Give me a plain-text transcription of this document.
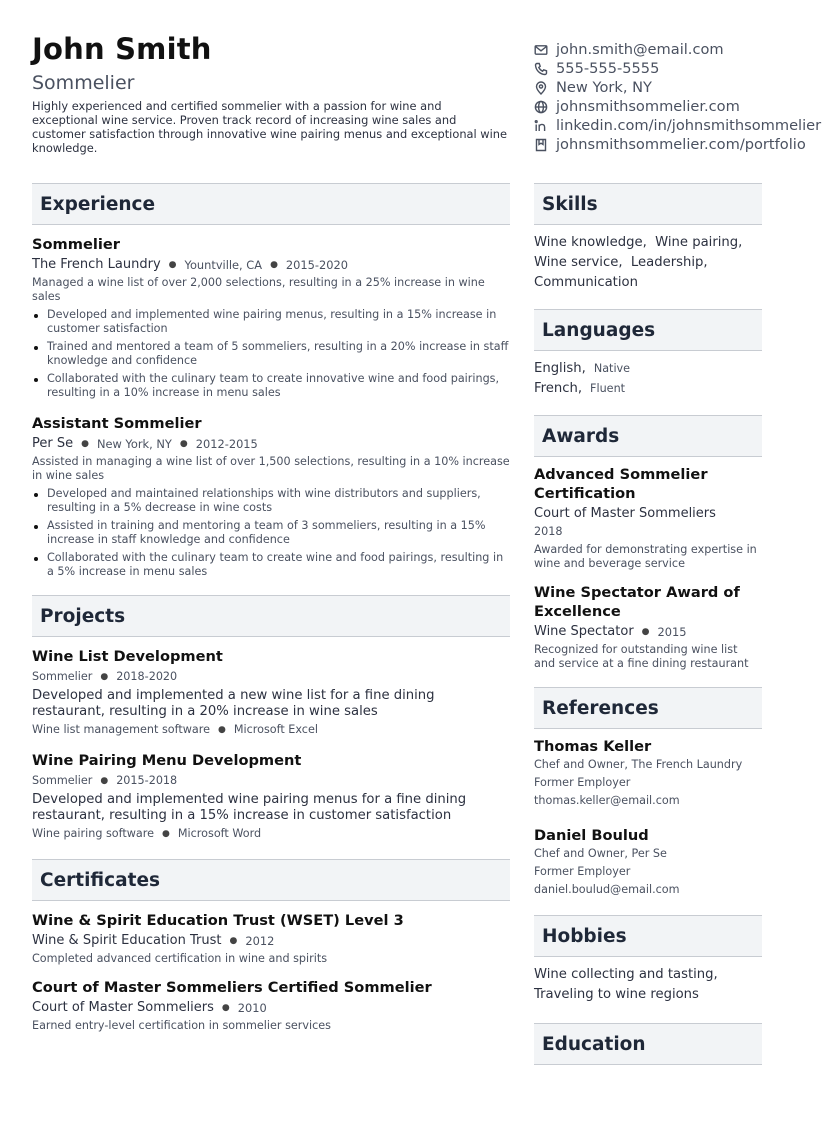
John Smith
Sommelier
Highly experienced and certified sommelier with a passion for wine and exceptional wine service. Proven track record of increasing wine sales and customer satisfaction through innovative wine pairing menus and exceptional wine knowledge.
john.smith@email.com
555-555-5555
New York, NY
johnsmithsommelier.com
linkedin.com/in/johnsmithsommelier
johnsmithsommelier.com/portfolio
Experience
Sommelier
The French Laundry ● Yountville, CA ● 2015-2020
Managed a wine list of over 2,000 selections, resulting in a 25% increase in wine sales
Developed and implemented wine pairing menus, resulting in a 15% increase in customer satisfaction
Trained and mentored a team of 5 sommeliers, resulting in a 20% increase in staff knowledge and confidence
Collaborated with the culinary team to create innovative wine and food pairings, resulting in a 10% increase in menu sales
Assistant Sommelier
Per Se ● New York, NY ● 2012-2015
Assisted in managing a wine list of over 1,500 selections, resulting in a 10% increase in wine sales
Developed and maintained relationships with wine distributors and suppliers, resulting in a 5% decrease in wine costs
Assisted in training and mentoring a team of 3 sommeliers, resulting in a 15% increase in staff knowledge and confidence
Collaborated with the culinary team to create wine and food pairings, resulting in a 5% increase in menu sales
Projects
Wine List Development
Sommelier ● 2018-2020
Developed and implemented a new wine list for a fine dining restaurant, resulting in a 20% increase in wine sales
Wine list management software ● Microsoft Excel
Wine Pairing Menu Development
Sommelier ● 2015-2018
Developed and implemented wine pairing menus for a fine dining restaurant, resulting in a 15% increase in customer satisfaction
Wine pairing software ● Microsoft Word
Certificates
Wine & Spirit Education Trust (WSET) Level 3
Wine & Spirit Education Trust ● 2012
Completed advanced certification in wine and spirits
Court of Master Sommeliers Certified Sommelier
Court of Master Sommeliers ● 2010
Earned entry-level certification in sommelier services
Skills
Wine knowledge,  Wine pairing, Wine service,  Leadership, Communication
Languages
English , Native
French , Fluent
Awards
Advanced Sommelier Certification
Court of Master Sommeliers
2018
Awarded for demonstrating expertise in wine and beverage service
Wine Spectator Award of Excellence
Wine Spectator ● 2015
Recognized for outstanding wine list and service at a fine dining restaurant
References
Thomas Keller
Chef and Owner, The French Laundry
Former Employer
thomas.keller@email.com
Daniel Boulud
Chef and Owner, Per Se
Former Employer
daniel.boulud@email.com
Hobbies
Wine collecting and tasting,
Traveling to wine regions
Education
